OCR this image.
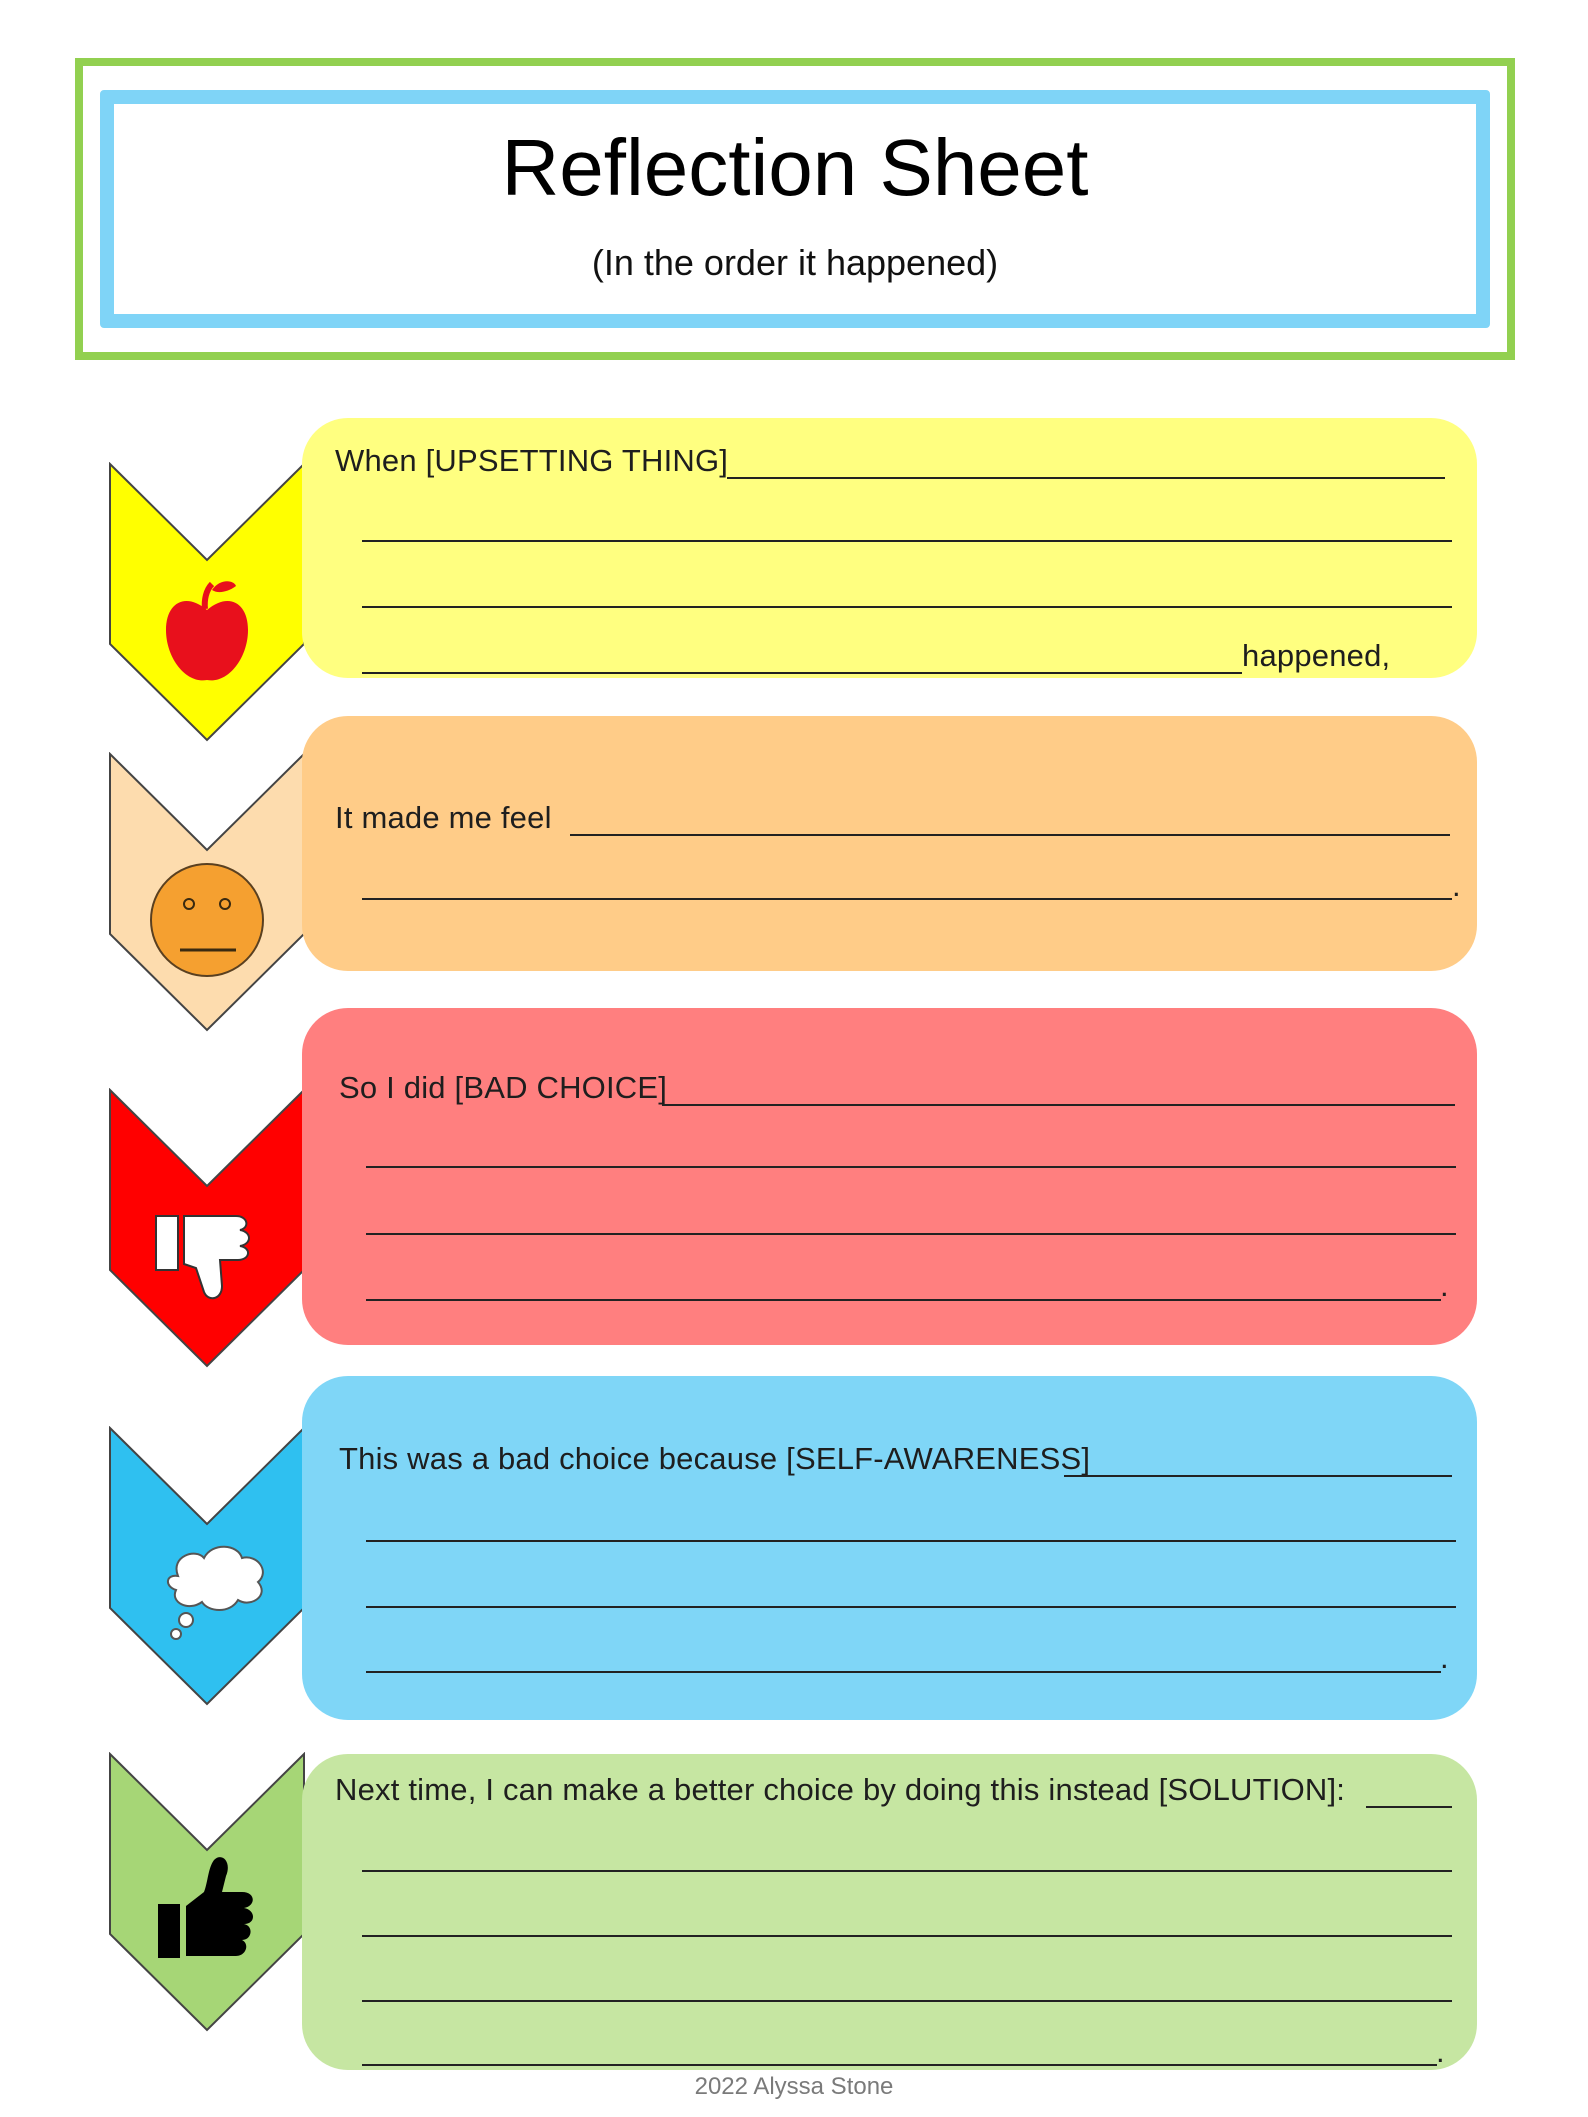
Reflection Sheet
(In the order it happened)
When [UPSETTING THING]
happened,
It made me feel
.
So I did [BAD CHOICE]
.
This was a bad choice because [SELF-AWARENESS]
.
Next time, I can make a better choice by doing this instead [SOLUTION]:
.
2022 Alyssa Stone
